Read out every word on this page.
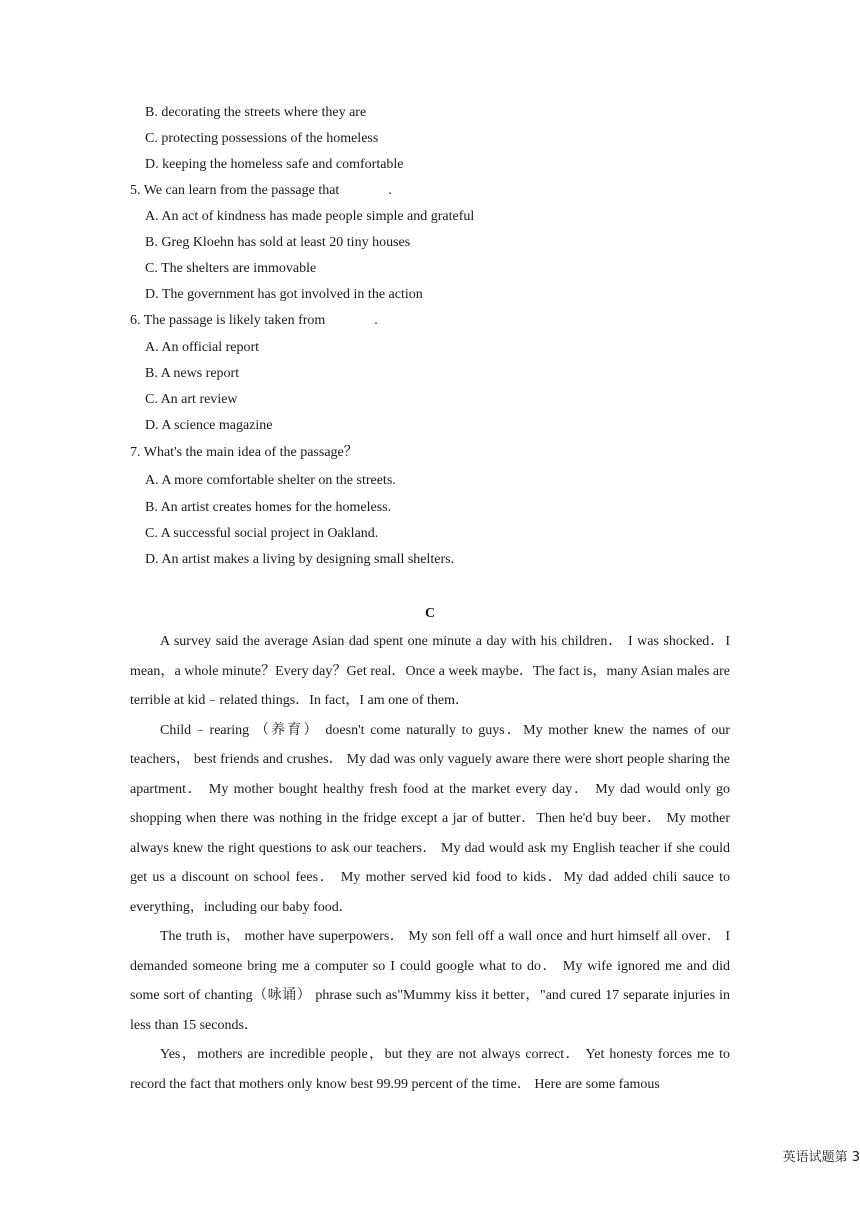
B. decorating the streets where they are
C. protecting possessions of the homeless
D. keeping the homeless safe and comfortable
5. We can learn from the passage that              .
A. An act of kindness has made people simple and grateful
B. Greg Kloehn has sold at least 20 tiny houses
C. The shelters are immovable
D. The government has got involved in the action
6. The passage is likely taken from              .
A. An official report
B. A news report
C. An art review
D. A science magazine
7. What's the main idea of the passage？
A. A more comfortable shelter on the streets.
B. An artist creates homes for the homeless.
C. A successful social project in Oakland.
D. An artist makes a living by designing small shelters.
C

A survey said the average Asian dad spent one minute a day with his children． I was shocked．I mean，a whole minute？Every day？Get real．Once a week maybe．The fact is，many Asian males are terrible at kid﹣related things．In fact，I am one of them．

Child﹣rearing （养育） doesn't come naturally to guys．My mother knew the names of our teachers， best friends and crushes． My dad was only vaguely aware there were short people sharing the apartment． My mother bought healthy fresh food at the market every day． My dad would only go shopping when there was nothing in the fridge except a jar of butter．Then he'd buy beer． My mother always knew the right questions to ask our teachers． My dad would ask my English teacher if she could get us a discount on school fees． My mother served kid food to kids．My dad added chili sauce to everything，including our baby food．

The truth is， mother have superpowers． My son fell off a wall once and hurt himself all over． I demanded someone bring me a computer so I could google what to do． My wife ignored me and did some sort of chanting（咏诵） phrase such as"Mummy kiss it better，"and cured 17 separate injuries in less than 15 seconds．

Yes，mothers are incredible people，but they are not always correct． Yet honesty forces me to record the fact that mothers only know best 99.99 percent of the time． Here are some famous

英语试题第 3
